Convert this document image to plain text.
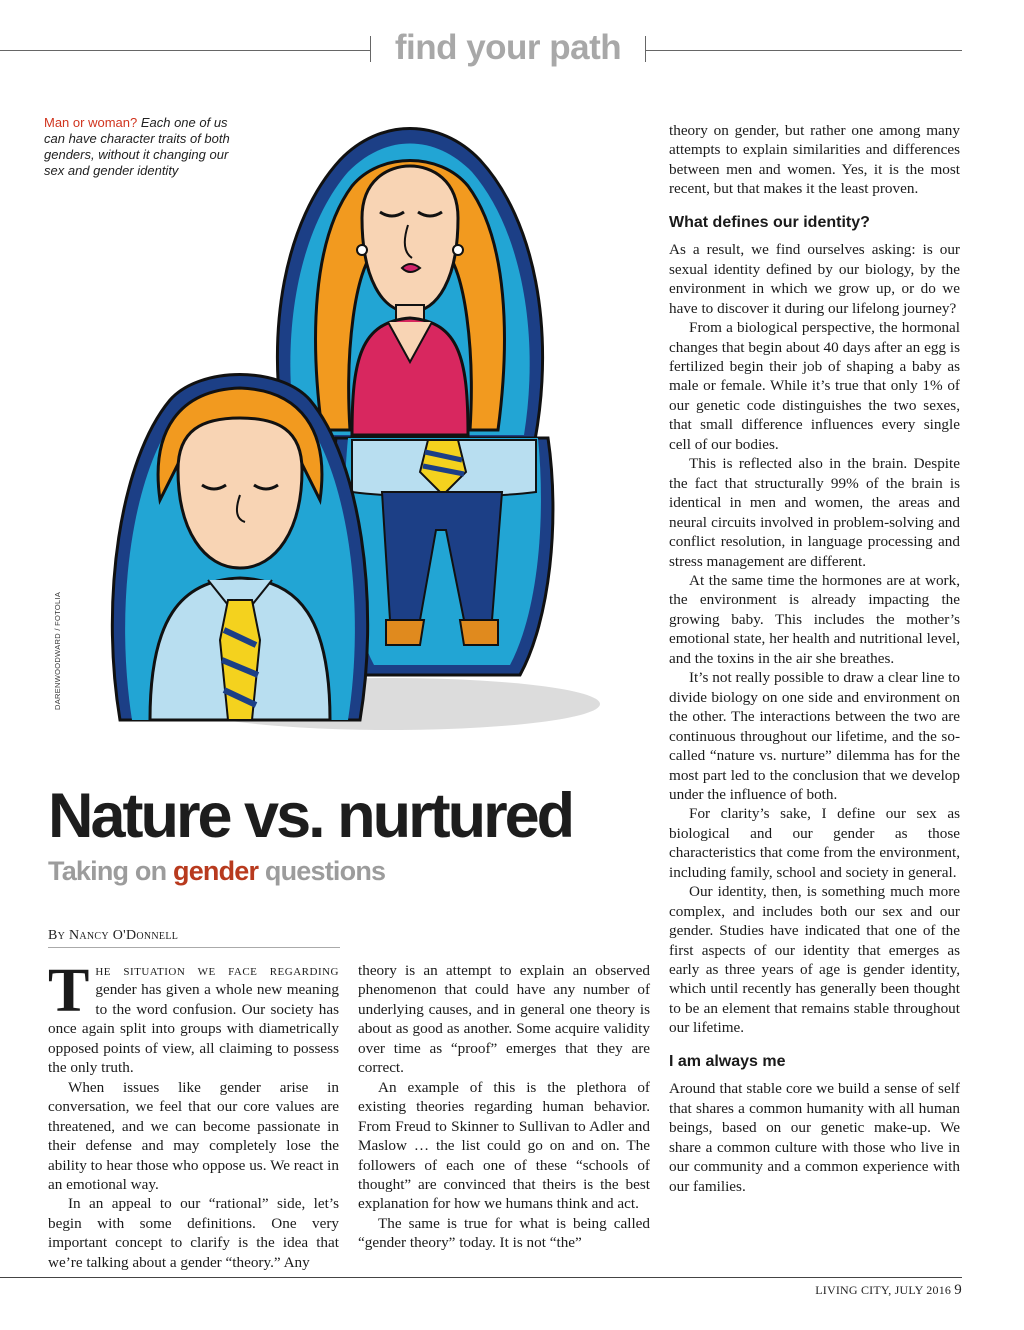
find your path
Man or woman? Each one of us can have character traits of both genders, without it changing our sex and gender identity
DARENWOODWARD / FOTOLIA
Nature vs. nurtured
Taking on gender questions
By Nancy O'Donnell

The situation we face regarding gender has given a whole new meaning to the word confusion. Our society has once again split into groups with diametrically opposed points of view, all claiming to possess the only truth.

When issues like gender arise in conversation, we feel that our core values are threatened, and we can become passionate in their defense and may completely lose the ability to hear those who oppose us. We react in an emotional way.

In an appeal to our “rational” side, let’s begin with some definitions. One very important concept to clarify is the idea that we’re talking about a gender “theory.” Any

theory is an attempt to explain an observed phenomenon that could have any number of underlying causes, and in general one theory is about as good as another. Some acquire validity over time as “proof” emerges that they are correct.

An example of this is the plethora of existing theories regarding human behavior. From Freud to Skinner to Sullivan to Adler and Maslow … the list could go on and on. The followers of each one of these “schools of thought” are convinced that theirs is the best explanation for how we humans think and act.

The same is true for what is being called “gender theory” today. It is not “the”

theory on gender, but rather one among many attempts to explain similarities and differences between men and women. Yes, it is the most recent, but that makes it the least proven.

What defines our identity?

As a result, we find ourselves asking: is our sexual identity defined by our biology, by the environment in which we grow up, or do we have to discover it during our lifelong journey?

From a biological perspective, the hormonal changes that begin about 40 days after an egg is fertilized begin their job of shaping a baby as male or female. While it’s true that only 1% of our genetic code distinguishes the two sexes, that small difference influences every single cell of our bodies.

This is reflected also in the brain. Despite the fact that structurally 99% of the brain is identical in men and women, the areas and neural circuits involved in problem-solving and conflict resolution, in language processing and stress management are different.

At the same time the hormones are at work, the environment is already impacting the growing baby. This includes the mother’s emotional state, her health and nutritional level, and the toxins in the air she breathes.

It’s not really possible to draw a clear line to divide biology on one side and environment on the other. The interactions between the two are continuous throughout our lifetime, and the so-called “nature vs. nurture” dilemma has for the most part led to the conclusion that we develop under the influence of both.

For clarity’s sake, I define our sex as biological and our gender as those characteristics that come from the environment, including family, school and society in general.

Our identity, then, is something much more complex, and includes both our sex and our gender. Studies have indicated that one of the first aspects of our identity that emerges as early as three years of age is gender identity, which until recently has generally been thought to be an element that remains stable throughout our lifetime.

I am always me

Around that stable core we build a sense of self that shares a common humanity with all human beings, based on our genetic make-up. We share a common culture with those who live in our community and a common experience with our families.

LIVING CITY, JULY 2016 9
